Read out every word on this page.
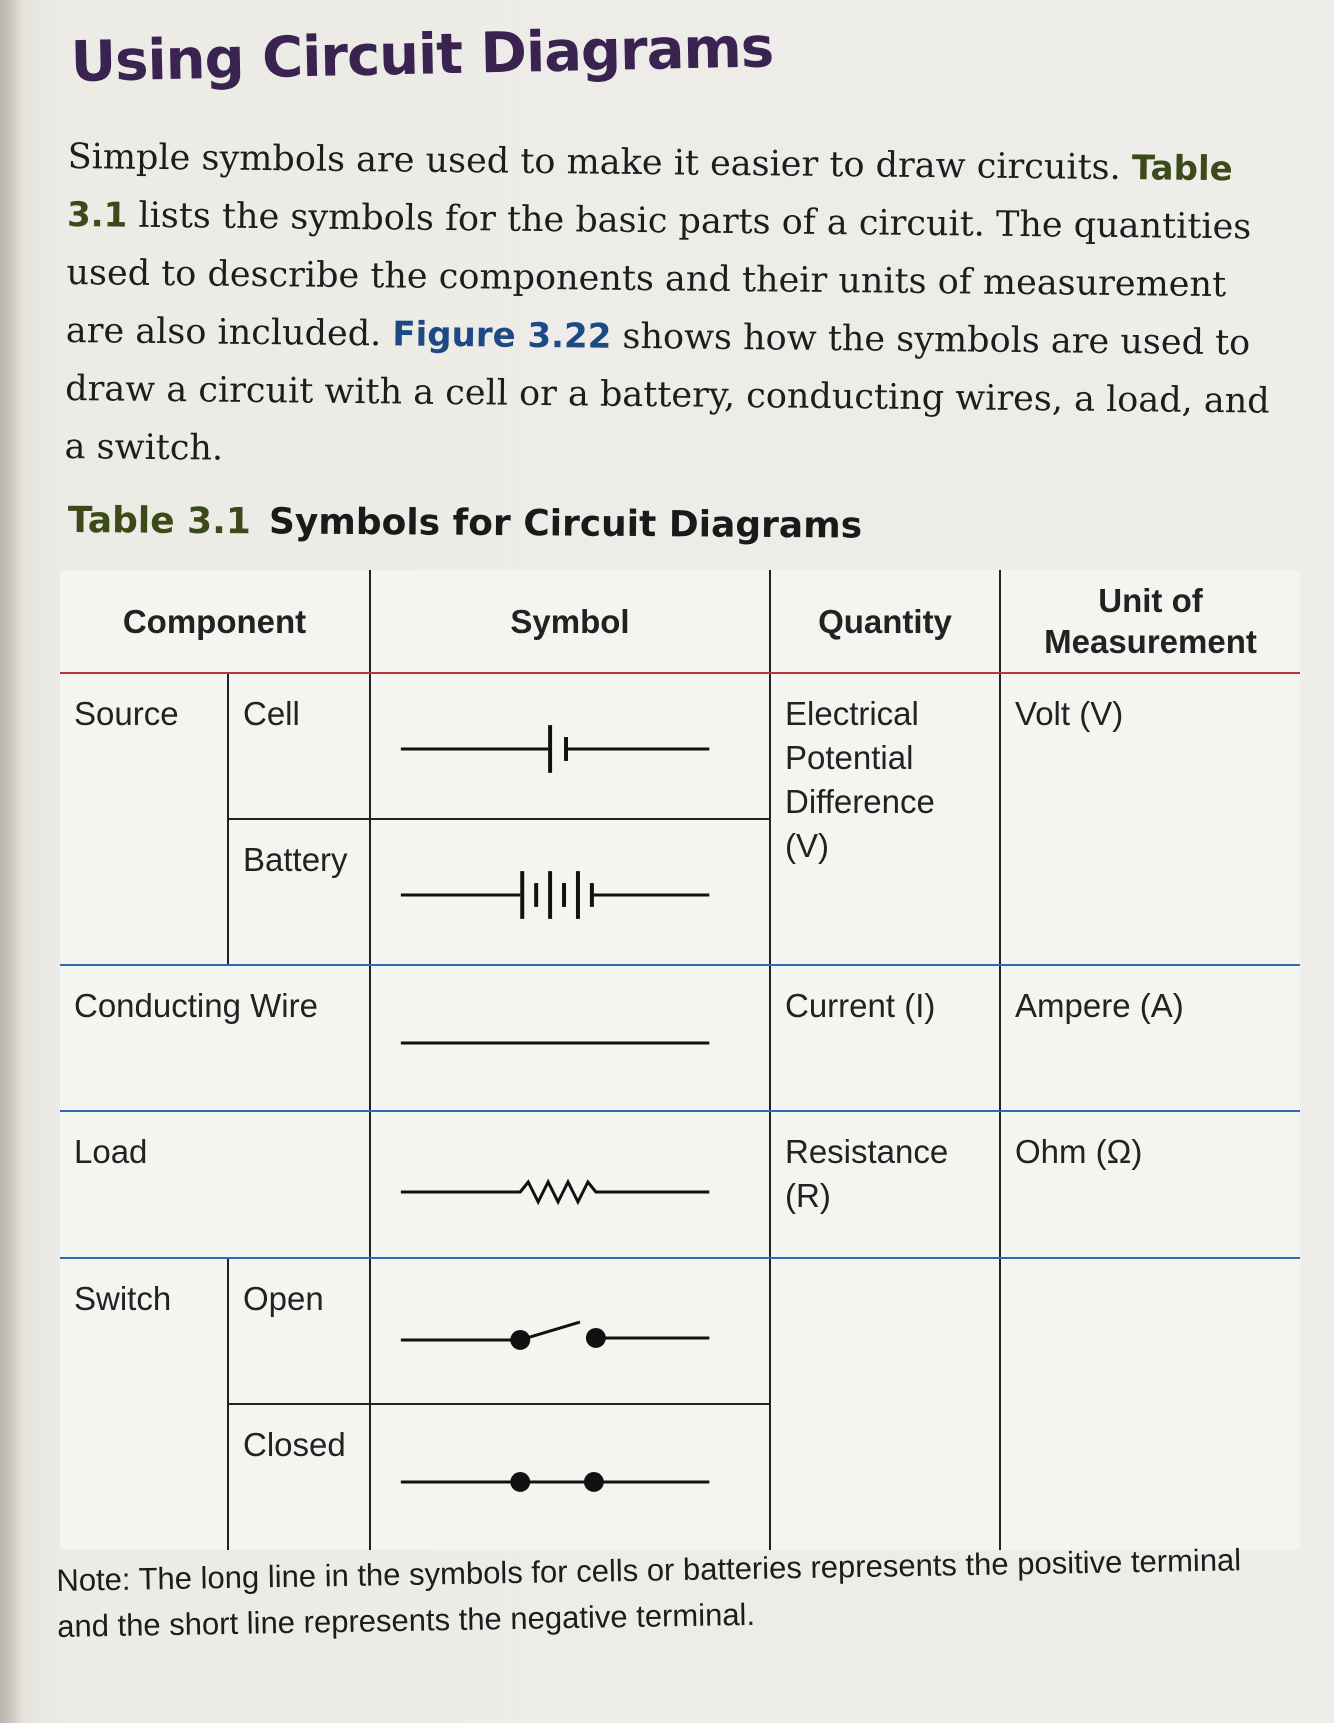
Using Circuit Diagrams

Simple symbols are used to make it easier to draw circuits. Table 3.1 lists the symbols for the basic parts of a circuit. The quantities used to describe the components and their units of measurement are also included. Figure 3.22 shows how the symbols are used to draw a circuit with a cell or a battery, conducting wires, a load, and a switch.

Table 3.1 Symbols for Circuit Diagrams

Component		Symbol	Quantity	Unit of Measurement
Source	Cell		Electrical Potential Difference (V)	Volt (V)
	Battery	

Conducting Wire			Current (I)	Ampere (A)
Load			Resistance (R)	Ohm (Ω)
Switch	Open	

	Closed	

Note: The long line in the symbols for cells or batteries represents the positive terminal and the short line represents the negative terminal.
